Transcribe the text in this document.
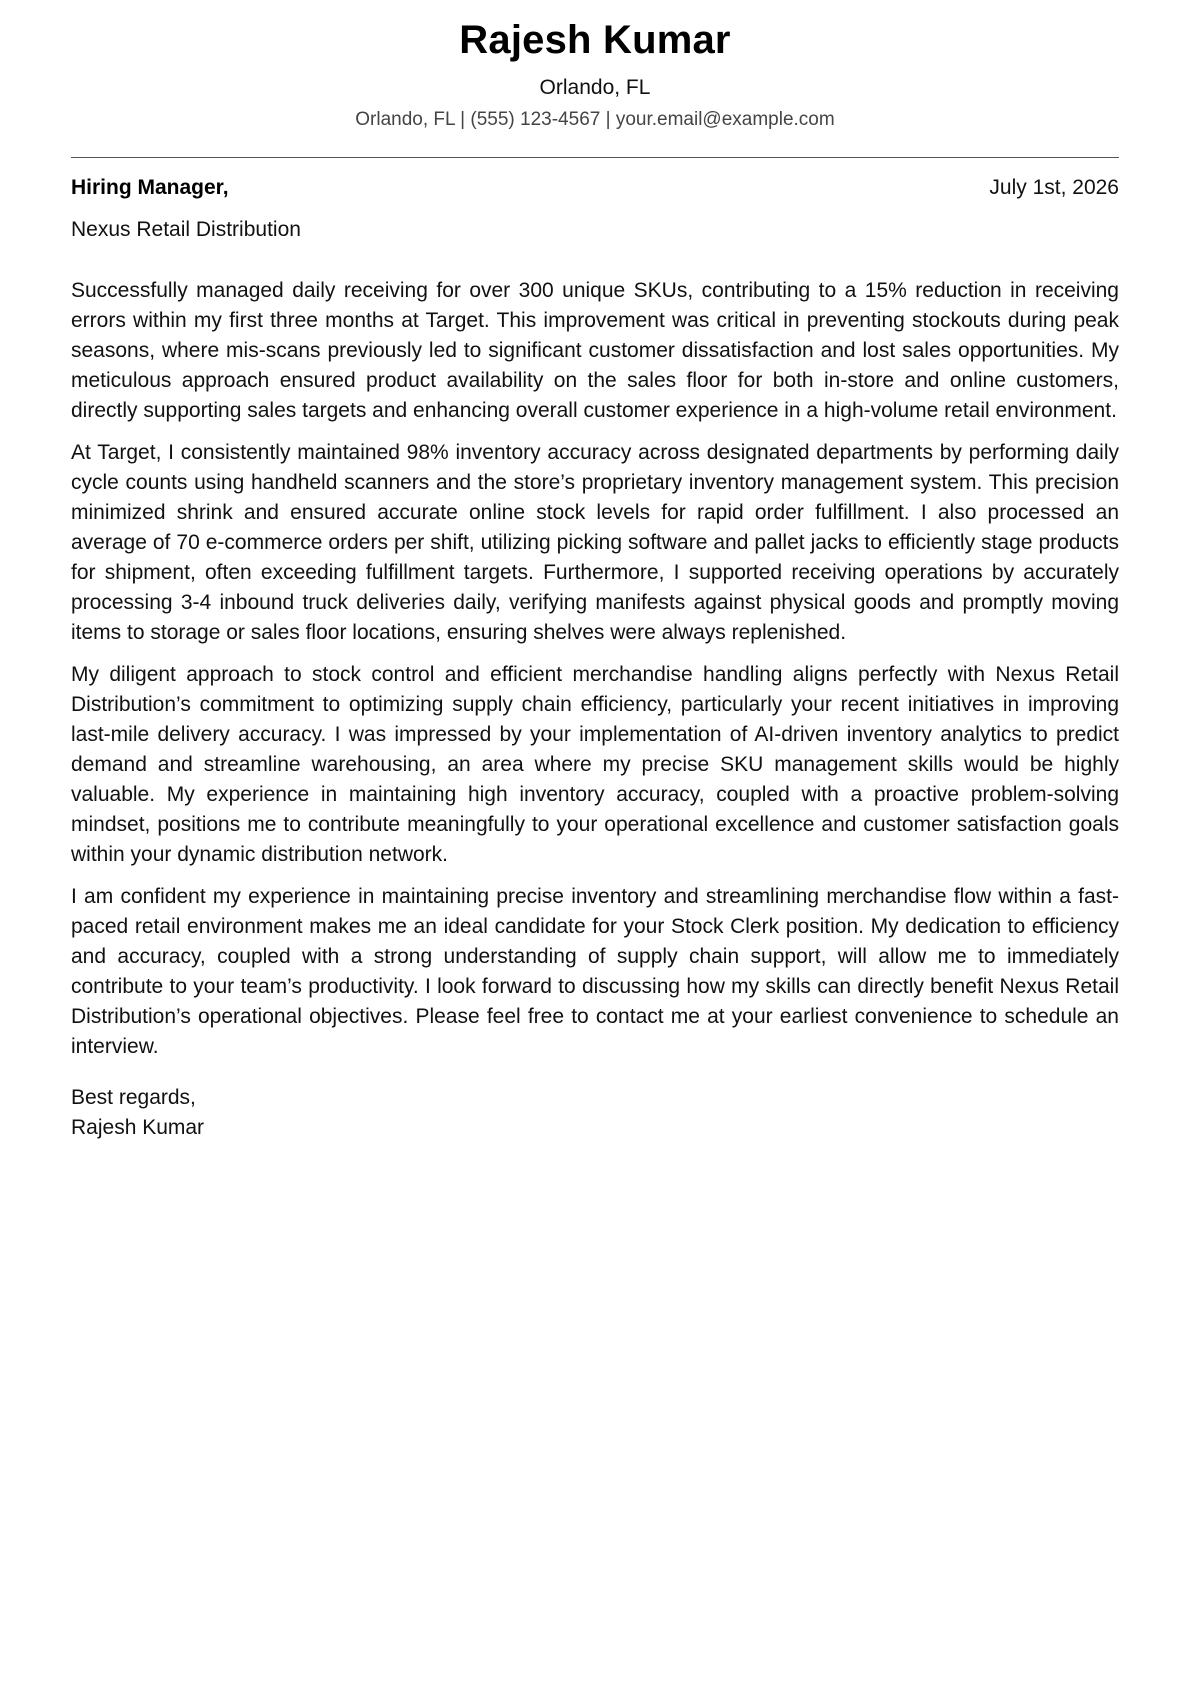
Rajesh Kumar
Orlando, FL
Orlando, FL | (555) 123-4567 | your.email@example.com
Hiring Manager,	July 1st, 2026
Nexus Retail Distribution

Successfully managed daily receiving for over 300 unique SKUs, contributing to a 15% reduction in receiving errors within my first three months at Target. This improvement was critical in preventing stockouts during peak seasons, where mis-scans previously led to significant customer dissatisfaction and lost sales opportunities. My meticulous approach ensured product availability on the sales floor for both in-store and online customers, directly supporting sales targets and enhancing overall customer experience in a high-volume retail environment.

At Target, I consistently maintained 98% inventory accuracy across designated departments by performing daily cycle counts using handheld scanners and the store’s proprietary inventory management system. This precision minimized shrink and ensured accurate online stock levels for rapid order fulfillment. I also processed an average of 70 e-commerce orders per shift, utilizing picking software and pallet jacks to efficiently stage products for shipment, often exceeding fulfillment targets. Furthermore, I supported receiving operations by accurately processing 3-4 inbound truck deliveries daily, verifying manifests against physical goods and promptly moving items to storage or sales floor locations, ensuring shelves were always replenished.

My diligent approach to stock control and efficient merchandise handling aligns perfectly with Nexus Retail Distribution’s commitment to optimizing supply chain efficiency, particularly your recent initiatives in improving last-mile delivery accuracy. I was impressed by your implementation of AI-driven inventory analytics to predict demand and streamline warehousing, an area where my precise SKU management skills would be highly valuable. My experience in maintaining high inventory accuracy, coupled with a proactive problem-solving mindset, positions me to contribute meaningfully to your operational excellence and customer satisfaction goals within your dynamic distribution network.

I am confident my experience in maintaining precise inventory and streamlining merchandise flow within a fast-paced retail environment makes me an ideal candidate for your Stock Clerk position. My dedication to efficiency and accuracy, coupled with a strong understanding of supply chain support, will allow me to immediately contribute to your team’s productivity. I look forward to discussing how my skills can directly benefit Nexus Retail Distribution’s operational objectives. Please feel free to contact me at your earliest convenience to schedule an interview.

Best regards,
Rajesh Kumar
